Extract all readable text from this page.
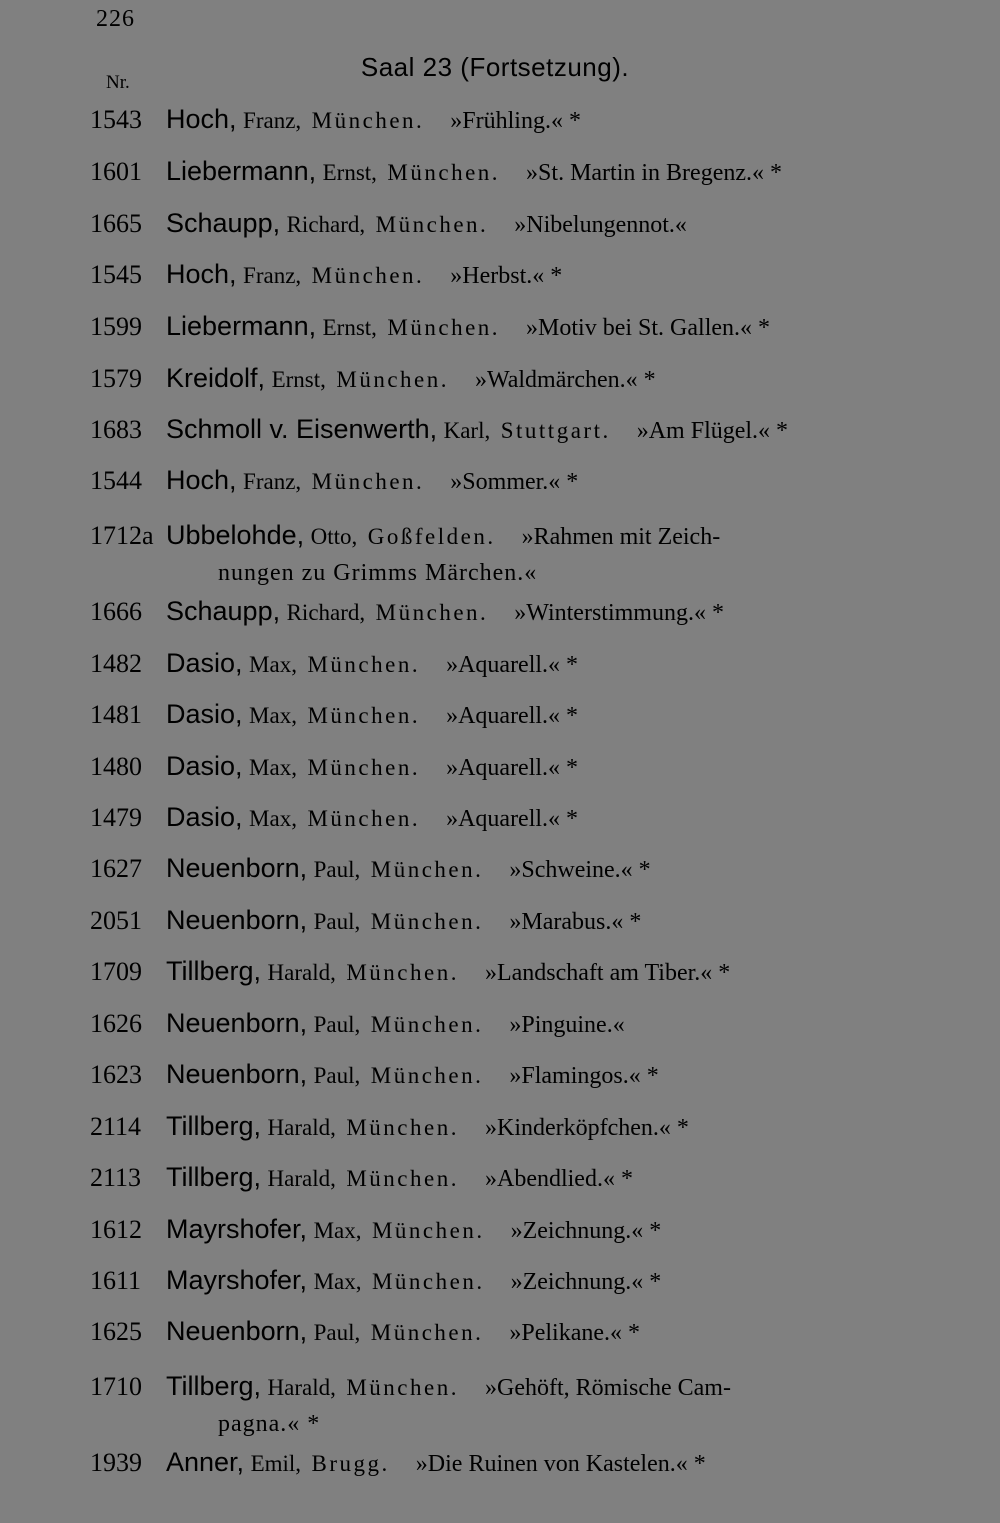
226
Saal 23 (Fortsetzung).
Nr.
1543 Hoch, Franz, München. »Frühling.« *
1601 Liebermann, Ernst, München. »St. Martin in Bregenz.« *
1665 Schaupp, Richard, München. »Nibelungennot.«
1545 Hoch, Franz, München. »Herbst.« *
1599 Liebermann, Ernst, München. »Motiv bei St. Gallen.« *
1579 Kreidolf, Ernst, München. »Waldmärchen.« *
1683 Schmoll v. Eisenwerth, Karl, Stuttgart. »Am Flügel.« *
1544 Hoch, Franz, München. »Sommer.« *
1712a Ubbelohde, Otto, Goßfelden. »Rahmen mit Zeich-
nungen zu Grimms Märchen.«
1666 Schaupp, Richard, München. »Winterstimmung.« *
1482 Dasio, Max, München. »Aquarell.« *
1481 Dasio, Max, München. »Aquarell.« *
1480 Dasio, Max, München. »Aquarell.« *
1479 Dasio, Max, München. »Aquarell.« *
1627 Neuenborn, Paul, München. »Schweine.« *
2051 Neuenborn, Paul, München. »Marabus.« *
1709 Tillberg, Harald, München. »Landschaft am Tiber.« *
1626 Neuenborn, Paul, München. »Pinguine.«
1623 Neuenborn, Paul, München. »Flamingos.« *
2114 Tillberg, Harald, München. »Kinderköpfchen.« *
2113 Tillberg, Harald, München. »Abendlied.« *
1612 Mayrshofer, Max, München. »Zeichnung.« *
1611 Mayrshofer, Max, München. »Zeichnung.« *
1625 Neuenborn, Paul, München. »Pelikane.« *
1710 Tillberg, Harald, München. »Gehöft, Römische Cam-
pagna.« *
1939 Anner, Emil, Brugg. »Die Ruinen von Kastelen.« *
